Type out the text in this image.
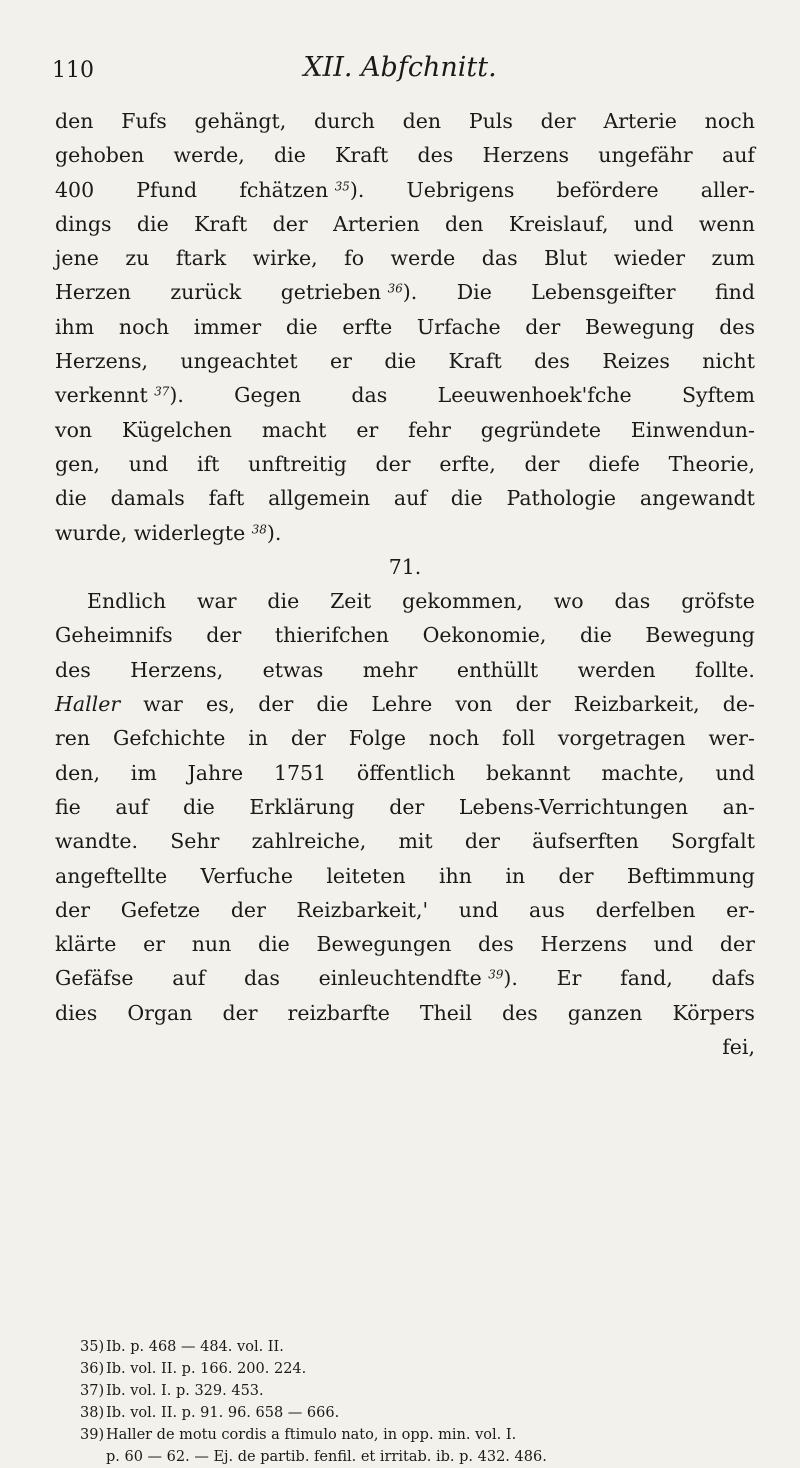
110	XII. Abfchnitt.
den Fufs gehängt, durch den Puls der Arterie noch
gehoben werde, die Kraft des Herzens ungefähr auf
400 Pfund fchätzen $^{35}$). Uebrigens befördere aller-
dings die Kraft der Arterien den Kreislauf, und wenn
jene zu ftark wirke, fo werde das Blut wieder zum
Herzen zurück getrieben $^{36}$). Die Lebensgeifter find
ihm noch immer die erfte Urfache der Bewegung des
Herzens, ungeachtet er die Kraft des Reizes nicht
verkennt $^{37}$). Gegen das Leeuwenhoek'fche Syftem
von Kügelchen macht er fehr gegründete Einwendun-
gen, und ift unftreitig der erfte, der diefe Theorie,
die damals faft allgemein auf die Pathologie angewandt
wurde, widerlegte $^{38}$).
71.
Endlich war die Zeit gekommen, wo das gröfste
Geheimnifs der thierifchen Oekonomie, die Bewegung
des Herzens, etwas mehr enthüllt werden follte.
Haller war es, der die Lehre von der Reizbarkeit, de-
ren Gefchichte in der Folge noch foll vorgetragen wer-
den, im Jahre 1751 öffentlich bekannt machte, und
fie auf die Erklärung der Lebens-Verrichtungen an-
wandte. Sehr zahlreiche, mit der äufserften Sorgfalt
angeftellte Verfuche leiteten ihn in der Beftimmung
der Gefetze der Reizbarkeit,' und aus derfelben er-
klärte er nun die Bewegungen des Herzens und der
Gefäfse auf das einleuchtendfte $^{39}$). Er fand, dafs
dies Organ der reizbarfte Theil des ganzen Körpers
fei,
35) Ib. p. 468 — 484. vol. II.
36) Ib. vol. II. p. 166. 200. 224.
37) Ib. vol. I. p. 329. 453.
38) Ib. vol. II. p. 91. 96. 658 — 666.
39) Haller de motu cordis a ftimulo nato, in opp. min. vol. I.
p. 60 — 62. — Ej. de partib. fenfil. et irritab. ib. p. 432. 486.
